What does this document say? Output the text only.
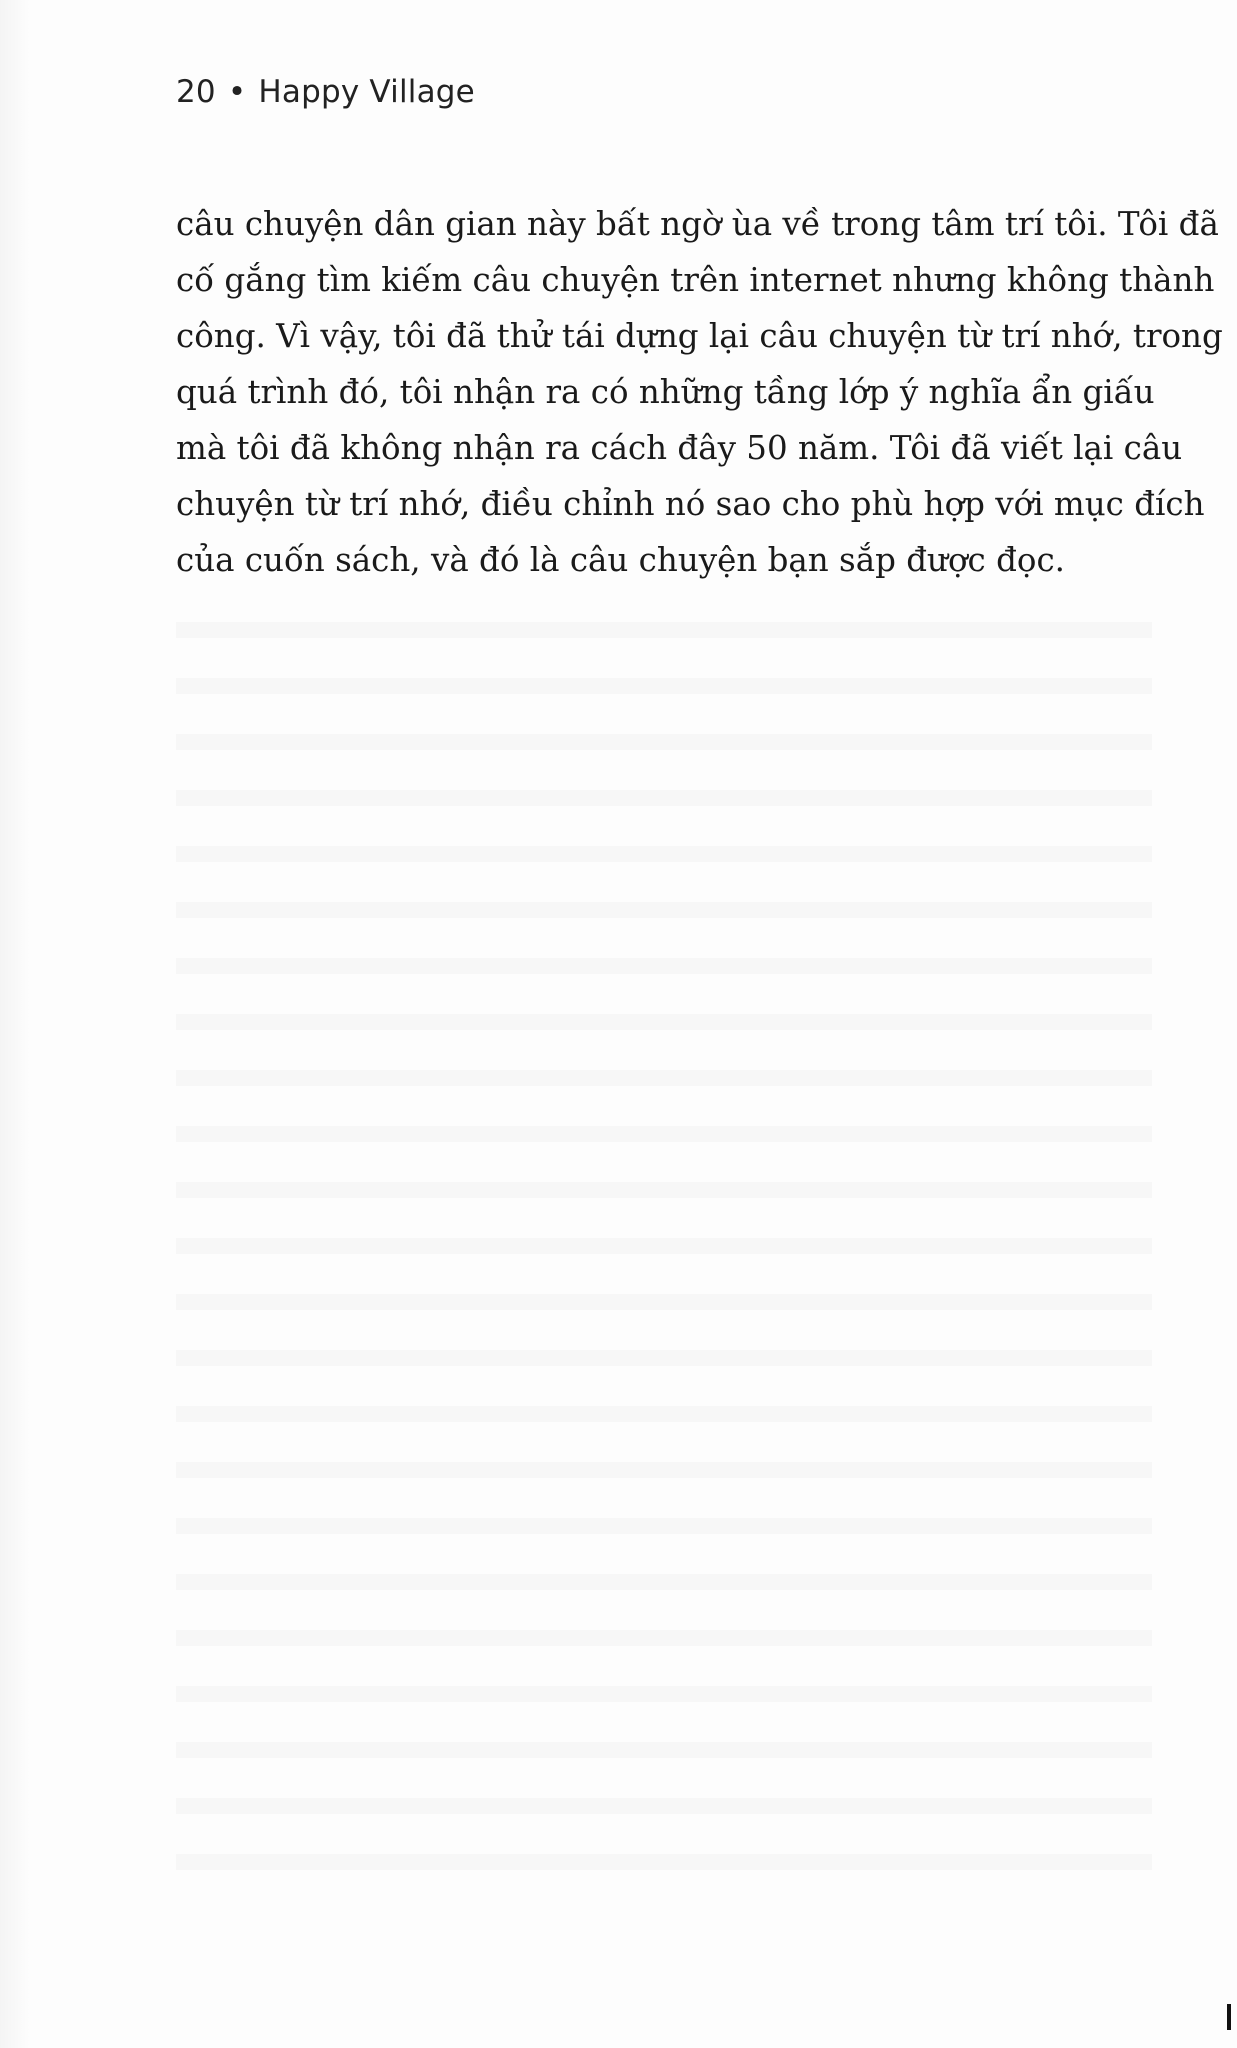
20 • Happy Village

câu chuyện dân gian này bất ngờ ùa về trong tâm trí tôi. Tôi đã
cố gắng tìm kiếm câu chuyện trên internet nhưng không thành
công. Vì vậy, tôi đã thử tái dựng lại câu chuyện từ trí nhớ, trong
quá trình đó, tôi nhận ra có những tầng lớp ý nghĩa ẩn giấu
mà tôi đã không nhận ra cách đây 50 năm. Tôi đã viết lại câu
chuyện từ trí nhớ, điều chỉnh nó sao cho phù hợp với mục đích
của cuốn sách, và đó là câu chuyện bạn sắp được đọc.
